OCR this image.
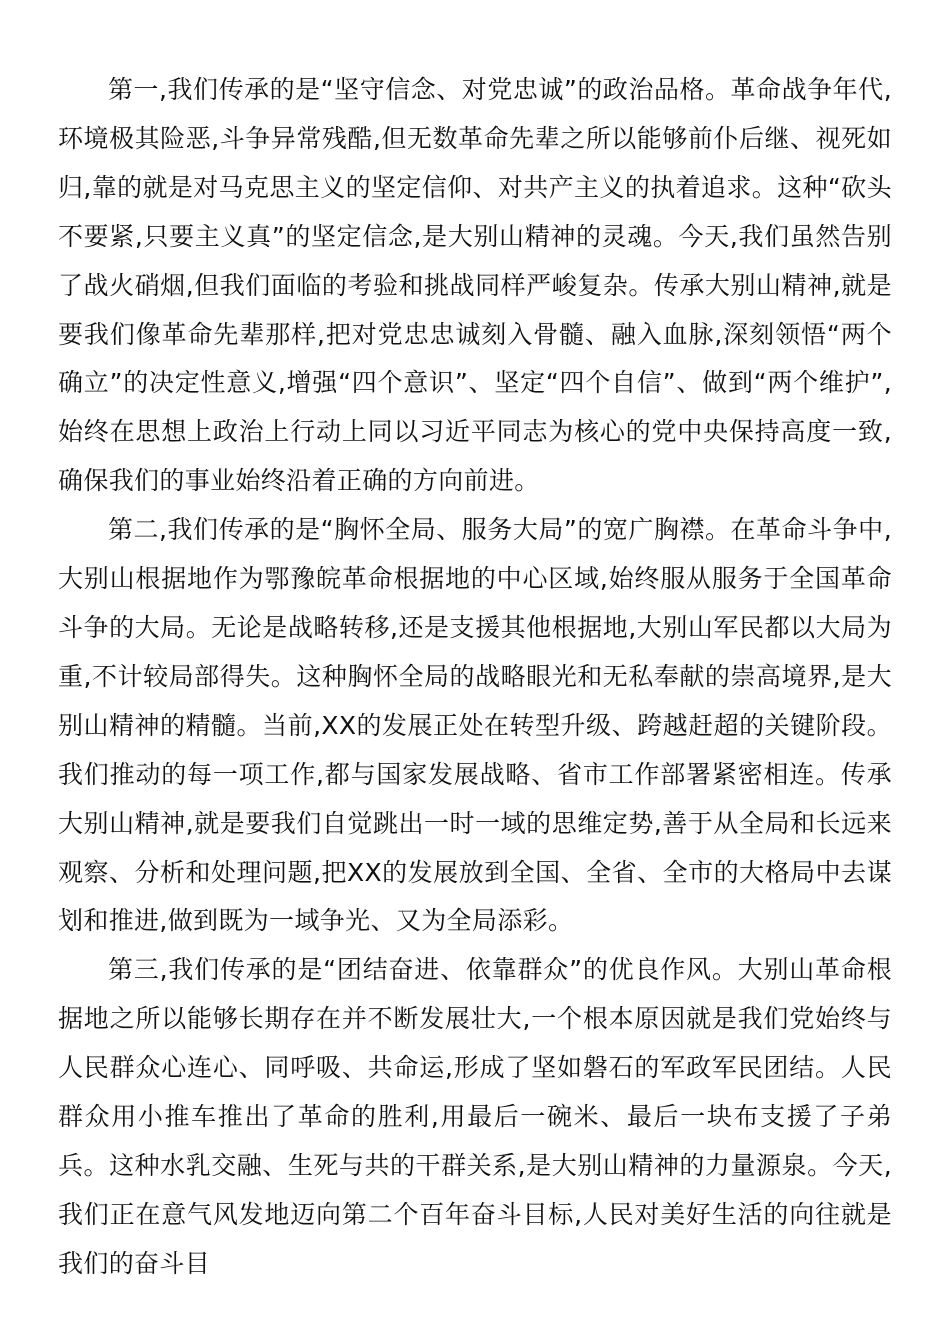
第一,我们传承的是“坚守信念、对党忠诚”的政治品格。革命战争年代,环境极其险恶,斗争异常残酷,但无数革命先辈之所以能够前仆后继、视死如归,靠的就是对马克思主义的坚定信仰、对共产主义的执着追求。这种“砍头不要紧,只要主义真”的坚定信念,是大别山精神的灵魂。今天,我们虽然告别了战火硝烟,但我们面临的考验和挑战同样严峻复杂。传承大别山精神,就是要我们像革命先辈那样,把对党忠忠诚刻入骨髓、融入血脉,深刻领悟“两个确立”的决定性意义,增强“四个意识”、坚定“四个自信”、做到“两个维护”,始终在思想上政治上行动上同以习近平同志为核心的党中央保持高度一致,确保我们的事业始终沿着正确的方向前进。

第二,我们传承的是“胸怀全局、服务大局”的宽广胸襟。在革命斗争中,大别山根据地作为鄂豫皖革命根据地的中心区域,始终服从服务于全国革命斗争的大局。无论是战略转移,还是支援其他根据地,大别山军民都以大局为重,不计较局部得失。这种胸怀全局的战略眼光和无私奉献的崇高境界,是大别山精神的精髓。当前,XX的发展正处在转型升级、跨越赶超的关键阶段。我们推动的每一项工作,都与国家发展战略、省市工作部署紧密相连。传承大别山精神,就是要我们自觉跳出一时一域的思维定势,善于从全局和长远来观察、分析和处理问题,把XX的发展放到全国、全省、全市的大格局中去谋划和推进,做到既为一域争光、又为全局添彩。

第三,我们传承的是“团结奋进、依靠群众”的优良作风。大别山革命根据地之所以能够长期存在并不断发展壮大,一个根本原因就是我们党始终与人民群众心连心、同呼吸、共命运,形成了坚如磐石的军政军民团结。人民群众用小推车推出了革命的胜利,用最后一碗米、最后一块布支援了子弟兵。这种水乳交融、生死与共的干群关系,是大别山精神的力量源泉。今天,我们正在意气风发地迈向第二个百年奋斗目标,人民对美好生活的向往就是我们的奋斗目
